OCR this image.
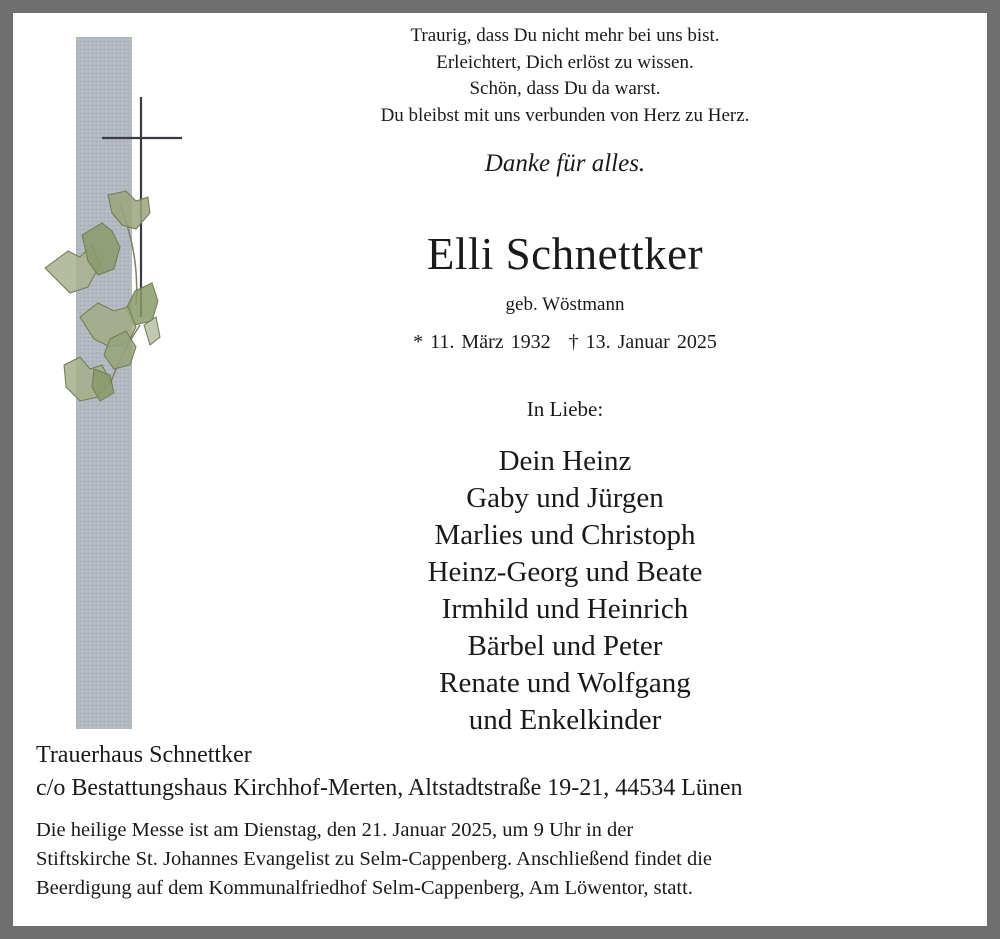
Traurig, dass Du nicht mehr bei uns bist.
Erleichtert, Dich erlöst zu wissen.
Schön, dass Du da warst.
Du bleibst mit uns verbunden von Herz zu Herz.
Danke für alles.
Elli Schnettker
geb. Wöstmann
* 11. März 1932 † 13. Januar 2025
In Liebe:
Dein Heinz
Gaby und Jürgen
Marlies und Christoph
Heinz-Georg und Beate
Irmhild und Heinrich
Bärbel und Peter
Renate und Wolfgang
und Enkelkinder
Trauerhaus Schnettker
c/o Bestattungshaus Kirchhof-Merten, Altstadtstraße 19-21, 44534 Lünen
Die heilige Messe ist am Dienstag, den 21. Januar 2025, um 9 Uhr in der
Stiftskirche St. Johannes Evangelist zu Selm-Cappenberg. Anschließend findet die
Beerdigung auf dem Kommunalfriedhof Selm-Cappenberg, Am Löwentor, statt.
